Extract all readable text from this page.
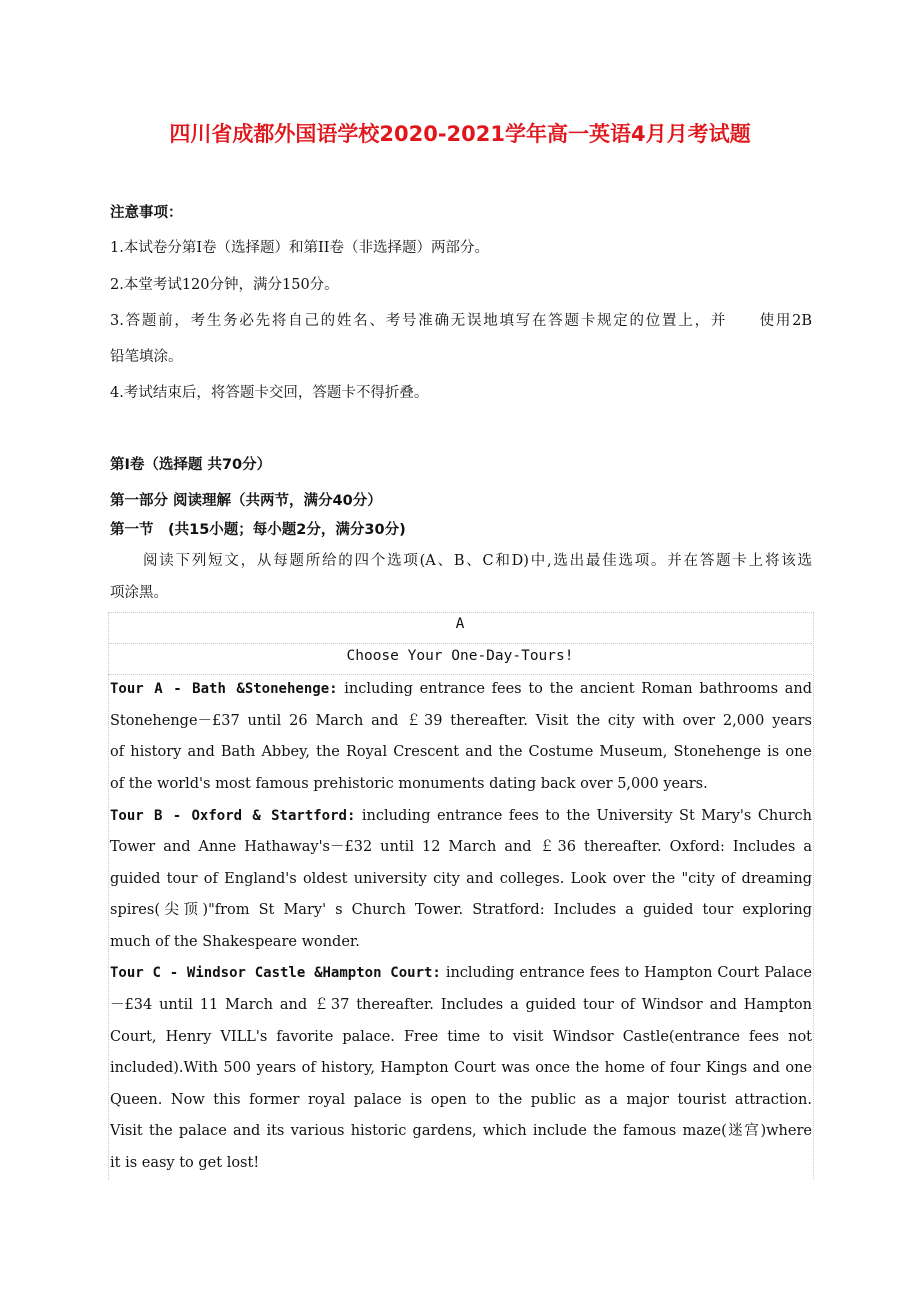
四川省成都外国语学校2020-2021学年高一英语4月月考试题
注意事项：
1.本试卷分第Ⅰ卷（选择题）和第II卷（非选择题）两部分。
2.本堂考试120分钟，满分150分。
3.答题前，考生务必先将自己的姓名、考号准确无误地填写在答题卡规定的位置上，并　　使用2B
铅笔填涂。
4.考试结束后，将答题卡交回，答题卡不得折叠。
第Ⅰ卷（选择题 共70分）
第一部分 阅读理解（共两节，满分40分）
第一节　(共15小题；每小题2分，满分30分)
阅读下列短文，从每题所给的四个选项(A、B、C和D)中,选出最佳选项。并在答题卡上将该选
项涂黑。
A
Choose Your One-Day-Tours!
Tour A - Bath &Stonehenge: including entrance fees to the ancient Roman bathrooms and
Stonehenge－£37 until 26 March and ￡39 thereafter. Visit the city with over 2,000 years
of history and Bath Abbey, the Royal Crescent and the Costume Museum, Stonehenge is one
of the world's most famous prehistoric monuments dating back over 5,000 years.
Tour B - Oxford & Startford: including entrance fees to the University St Mary's Church
Tower and Anne Hathaway's－£32 until 12 March and ￡36 thereafter. Oxford: Includes a
guided tour of England's oldest university city and colleges. Look over the "city of dreaming
spires(尖顶)"from St Mary' s Church Tower. Stratford: Includes a guided tour exploring
much of the Shakespeare wonder.
Tour C - Windsor Castle &Hampton Court: including entrance fees to Hampton Court Palace
－£34 until 11 March and ￡37 thereafter. Includes a guided tour of Windsor and Hampton
Court, Henry VILL's favorite palace. Free time to visit Windsor Castle(entrance fees not
included).With 500 years of history, Hampton Court was once the home of four Kings and one
Queen. Now this former royal palace is open to the public as a major tourist attraction.
Visit the palace and its various historic gardens, which include the famous maze(迷宫)where
it is easy to get lost!
